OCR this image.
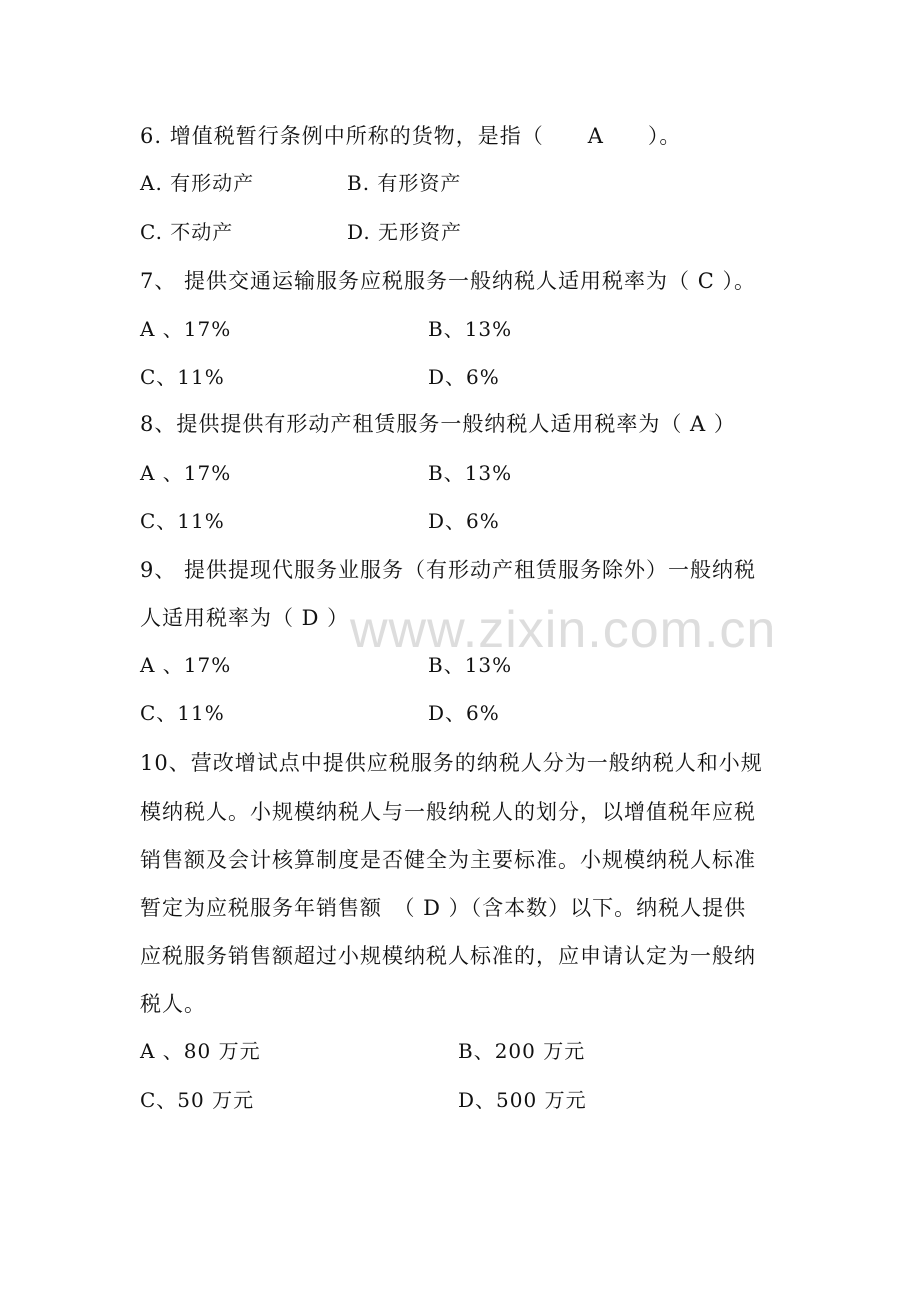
6. 增值税暂行条例中所称的货物，是指（　　A　　）。
A. 有形动产	B. 有形资产
C. 不动产	D. 无形资产
7、 提供交通运输服务应税服务一般纳税人适用税率为（ C ）。
A 、17%	B、13%
C、11%	D、6%
8、提供提供有形动产租赁服务一般纳税人适用税率为（ A ）
A 、17%	B、13%
C、11%	D、6%
9、 提供提现代服务业服务（有形动产租赁服务除外）一般纳税
人适用税率为（ D ）
A 、17%	B、13%
C、11%	D、6%
10、营改增试点中提供应税服务的纳税人分为一般纳税人和小规
模纳税人。小规模纳税人与一般纳税人的划分，以增值税年应税
销售额及会计核算制度是否健全为主要标准。小规模纳税人标准
暂定为应税服务年销售额　（ D ）（含本数）以下。纳税人提供
应税服务销售额超过小规模纳税人标准的，应申请认定为一般纳
税人。
A 、80 万元	B、200 万元
C、50 万元	D、500 万元
www.zixin.com.cn
